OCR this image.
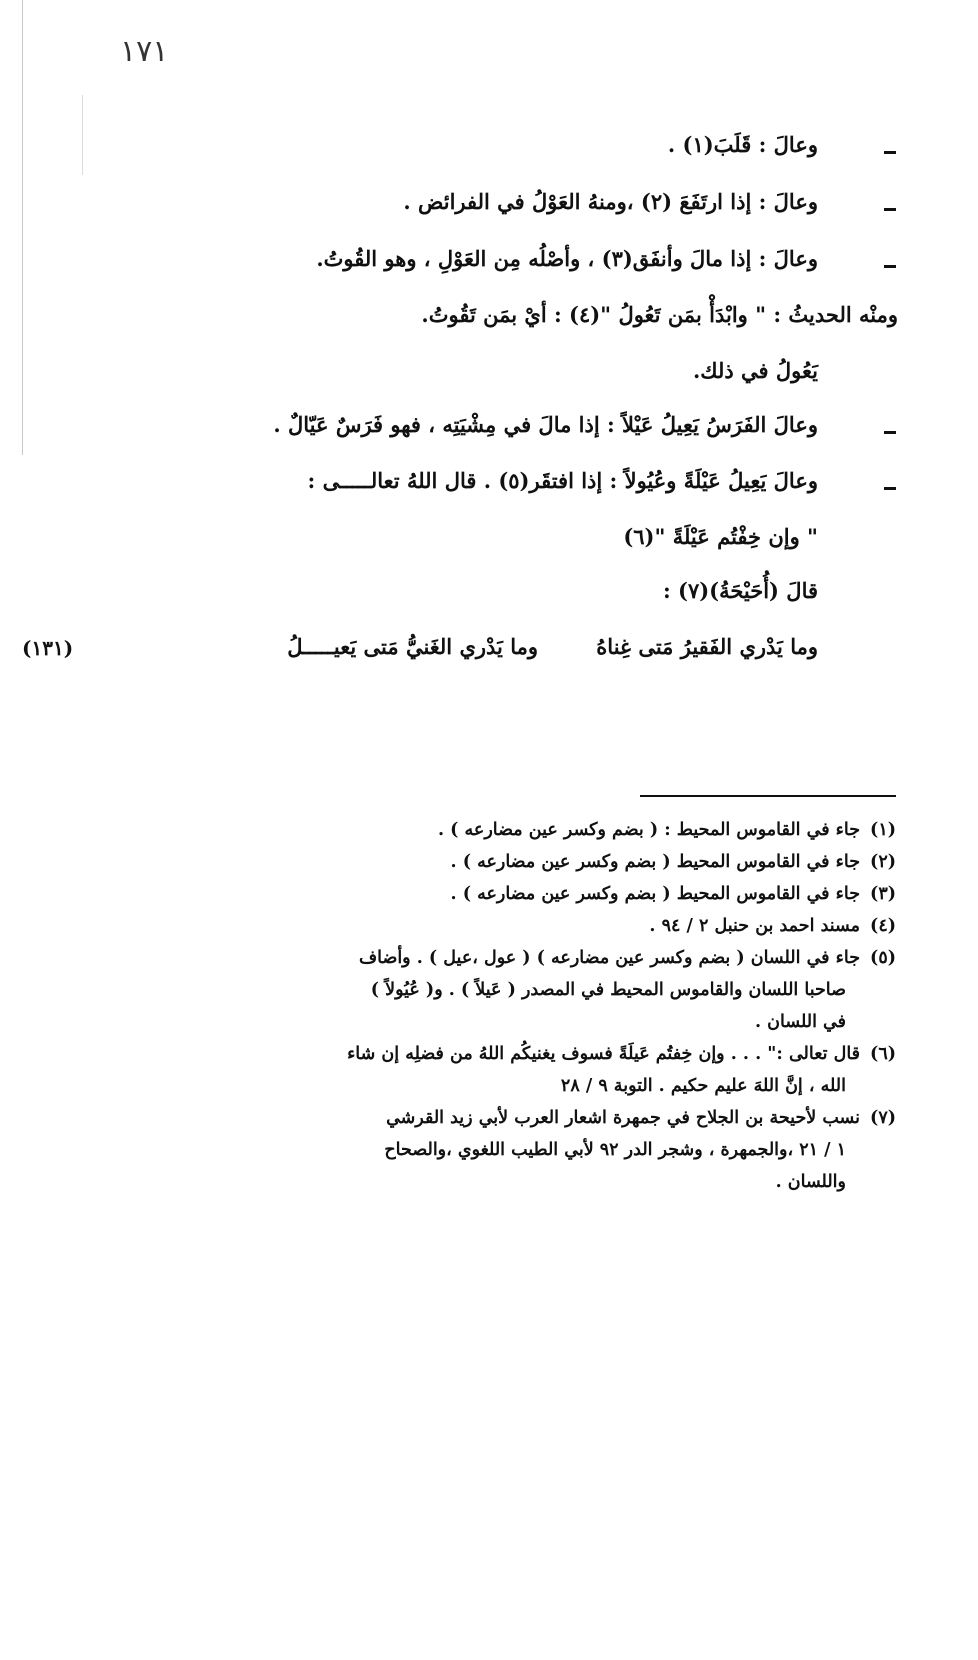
١٧١
وعالَ : قَلَبَ(١) .
وعالَ : إذا ارتَفَعَ (٢) ،ومنهُ العَوْلُ في الفرائض .
وعالَ : إذا مالَ وأنفَق(٣) ، وأصْلُه مِن العَوْلِ ، وهو القُوتُ.
ومنْه الحديثُ : " وابْدَأْ بمَن تَعُولُ "(٤) : أيْ بمَن تَقُوتُ.
يَعُولُ في ذلك.
وعالَ الفَرَسُ يَعِيلُ عَيْلاً : إذا مالَ في مِشْيَتِه ، فهو فَرَسٌ عَيّالٌ .
وعالَ يَعِيلُ عَيْلَةً وعُيُولاً : إذا افتقَر(٥) . قال اللهُ تعالـــــى :
" وإن خِفْتُم عَيْلَةً "(٦)
قالَ (أُحَيْحَةُ)(٧) :
وما يَدْري الفَقيرُ مَتى غِناهُ
وما يَدْري الغَنيُّ مَتى يَعيـــــلُ
(١٣١)
(١)جاء في القاموس المحيط : ( بضم وكسر عين مضارعه ) .
(٢)جاء في القاموس المحيط ( بضم وكسر عين مضارعه ) .
(٣)جاء في القاموس المحيط ( بضم وكسر عين مضارعه ) .
(٤)مسند احمد بن حنبل ٢ / ٩٤ .
(٥)جاء في اللسان ( بضم وكسر عين مضارعه ) ( عول ،عيل ) . وأضاف
صاحبا اللسان والقاموس المحيط في المصدر ( عَيلاً ) . و( عُيُولاً )
في اللسان .
(٦)قال تعالى :" . . . وإن خِفتُم عَيلَةً فسوف يغنيكُم اللهُ من فضلِه إن شاء
الله ، إنَّ اللهَ عليم حكيم . التوبة ٩ / ٢٨
(٧)نسب لأحيحة بن الجلاح في جمهرة اشعار العرب لأبي زيد القرشي
١ / ٢١ ،والجمهرة ، وشجر الدر ٩٢ لأبي الطيب اللغوي ،والصحاح
واللسان .
